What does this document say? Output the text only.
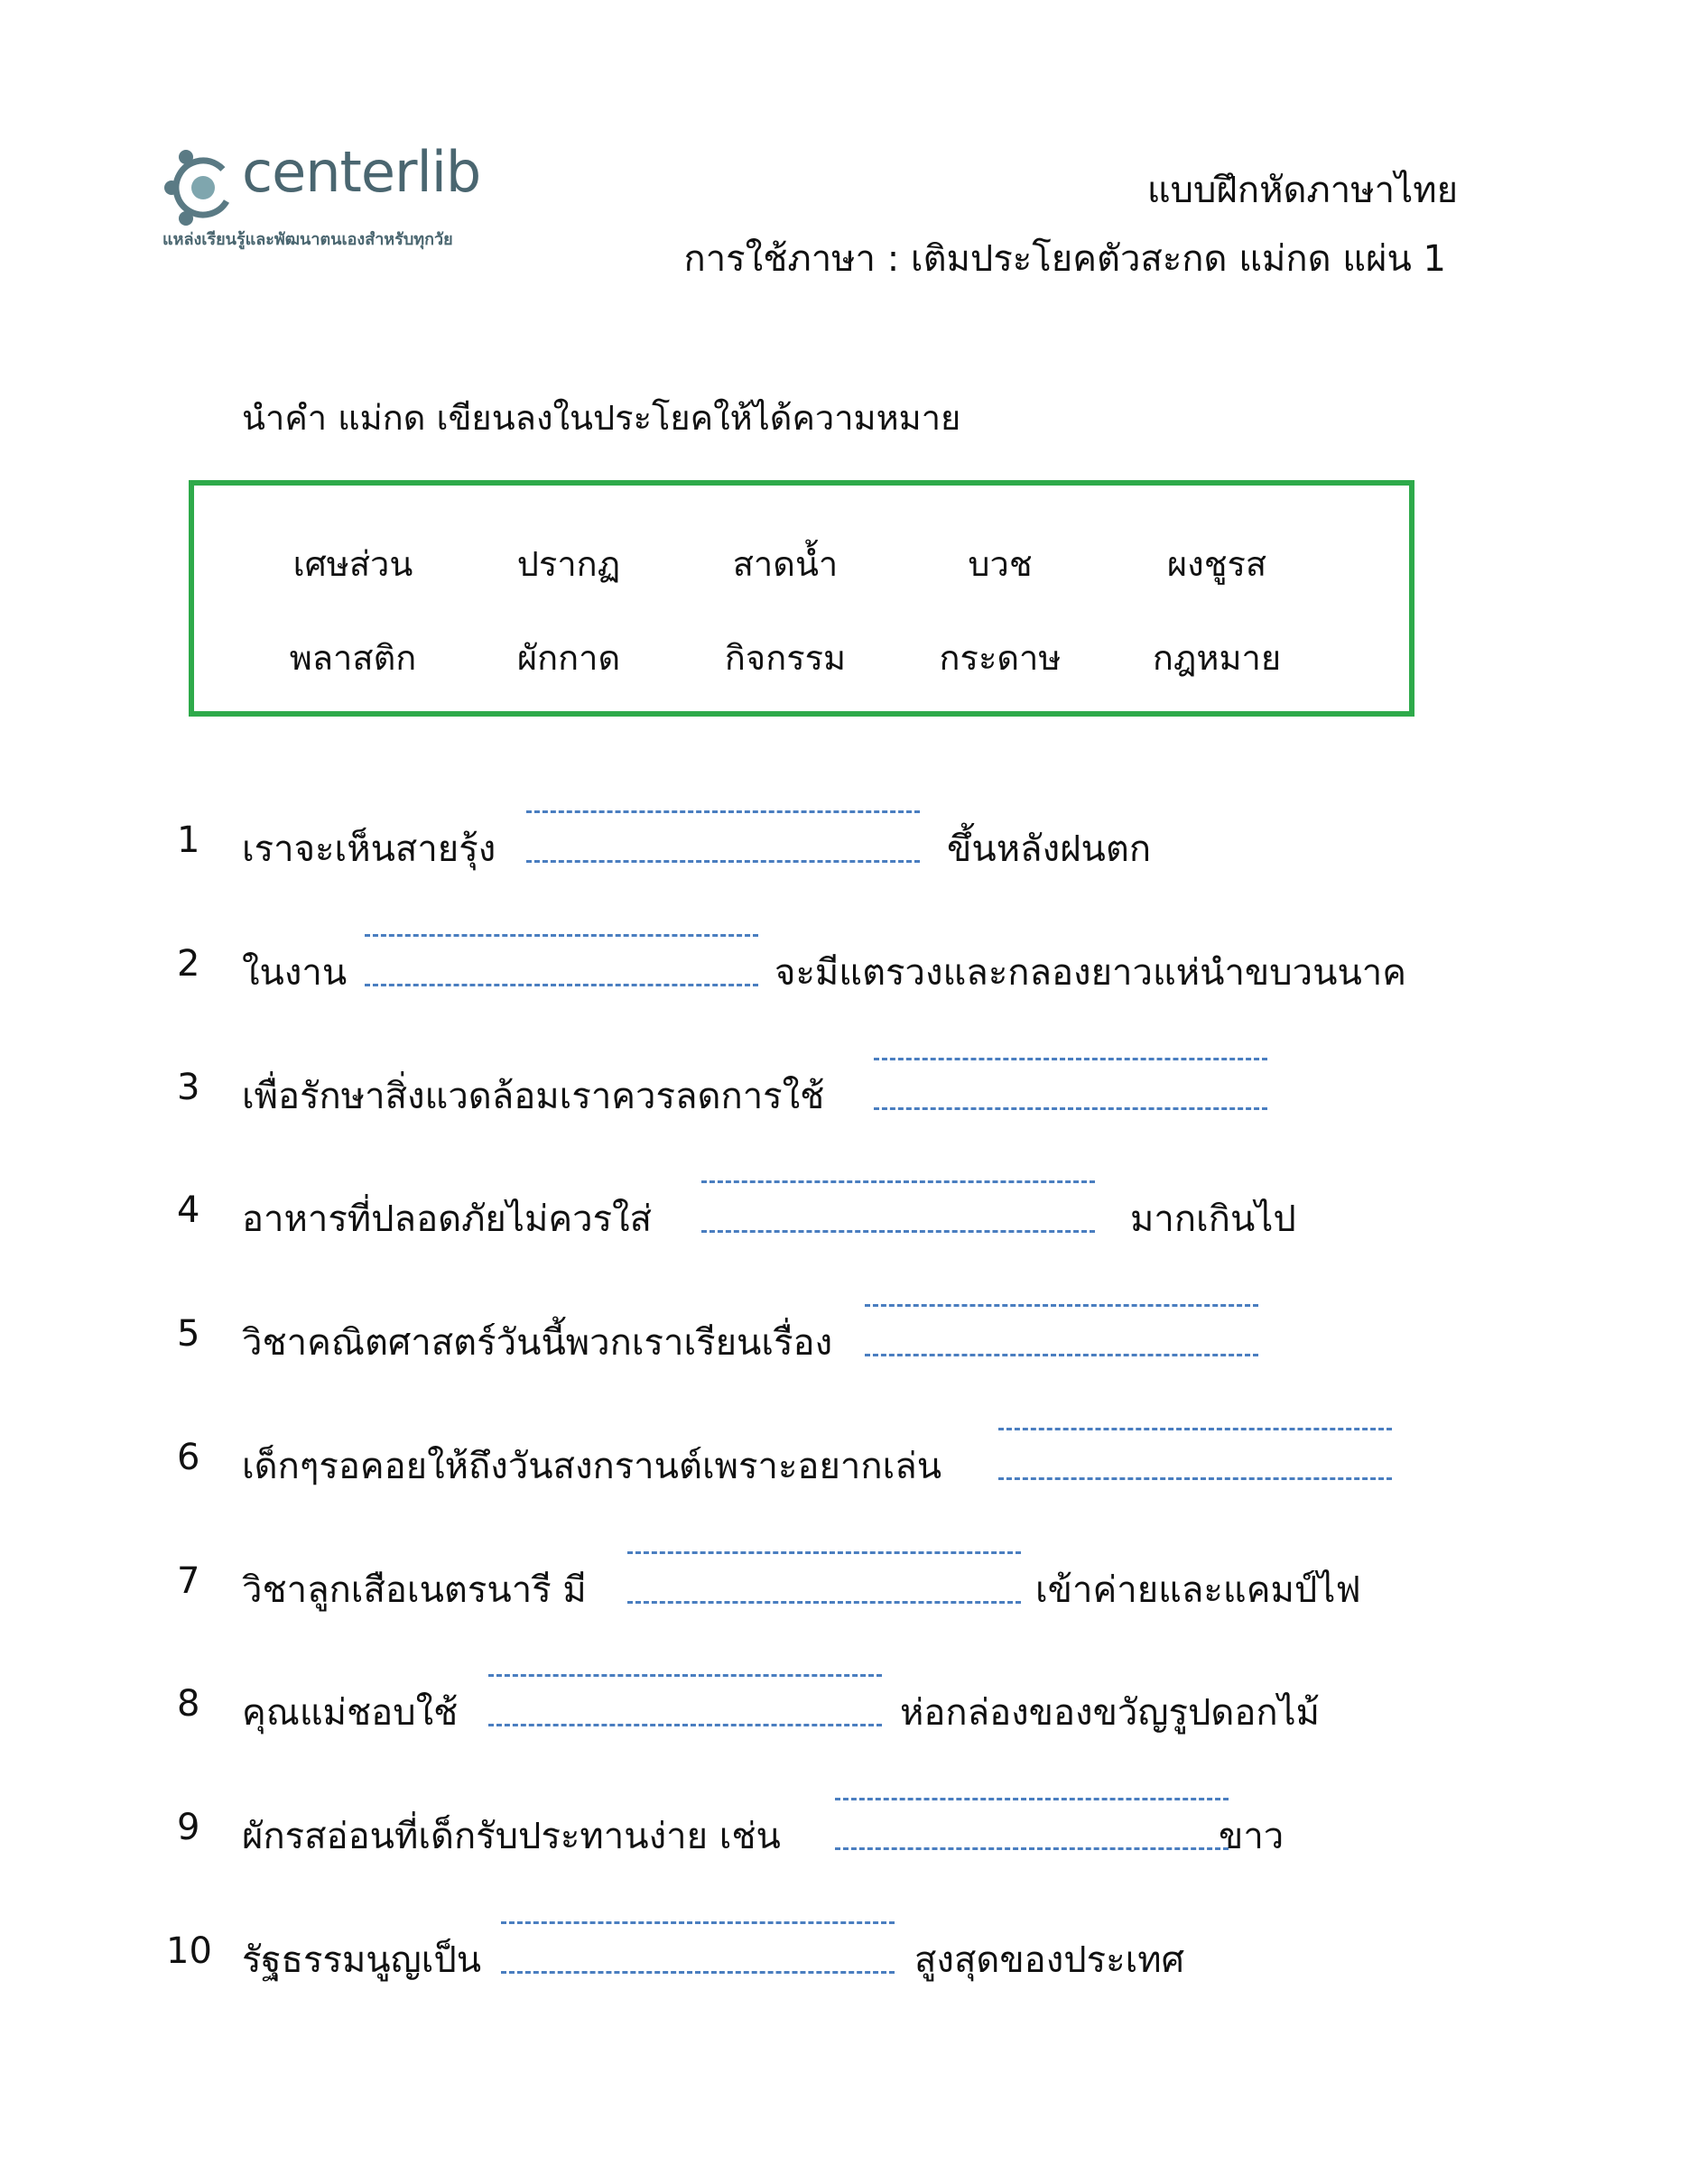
centerlib
แหล่งเรียนรู้และพัฒนาตนเองสำหรับทุกวัย
แบบฝึกหัดภาษาไทย
การใช้ภาษา : เติมประโยคตัวสะกด แม่กด แผ่น 1
นำคำ แม่กด เขียนลงในประโยคให้ได้ความหมาย
เศษส่วน	ปรากฏ	สาดน้ำ	บวช	ผงชูรส
พลาสติก	ผักกาด	กิจกรรม	กระดาษ	กฎหมาย
1 เราจะเห็นสายรุ้ง	ขึ้นหลังฝนตก
2 ในงาน	จะมีแตรวงและกลองยาวแห่นำขบวนนาค
3 เพื่อรักษาสิ่งแวดล้อมเราควรลดการใช้
4 อาหารที่ปลอดภัยไม่ควรใส่	มากเกินไป
5 วิชาคณิตศาสตร์วันนี้พวกเราเรียนเรื่อง
6 เด็กๆรอคอยให้ถึงวันสงกรานต์เพราะอยากเล่น
7 วิชาลูกเสือเนตรนารี มี	เข้าค่ายและแคมป์ไฟ
8 คุณแม่ชอบใช้	ห่อกล่องของขวัญรูปดอกไม้
9 ผักรสอ่อนที่เด็กรับประทานง่าย เช่น	ขาว
10 รัฐธรรมนูญเป็น	สูงสุดของประเทศ
